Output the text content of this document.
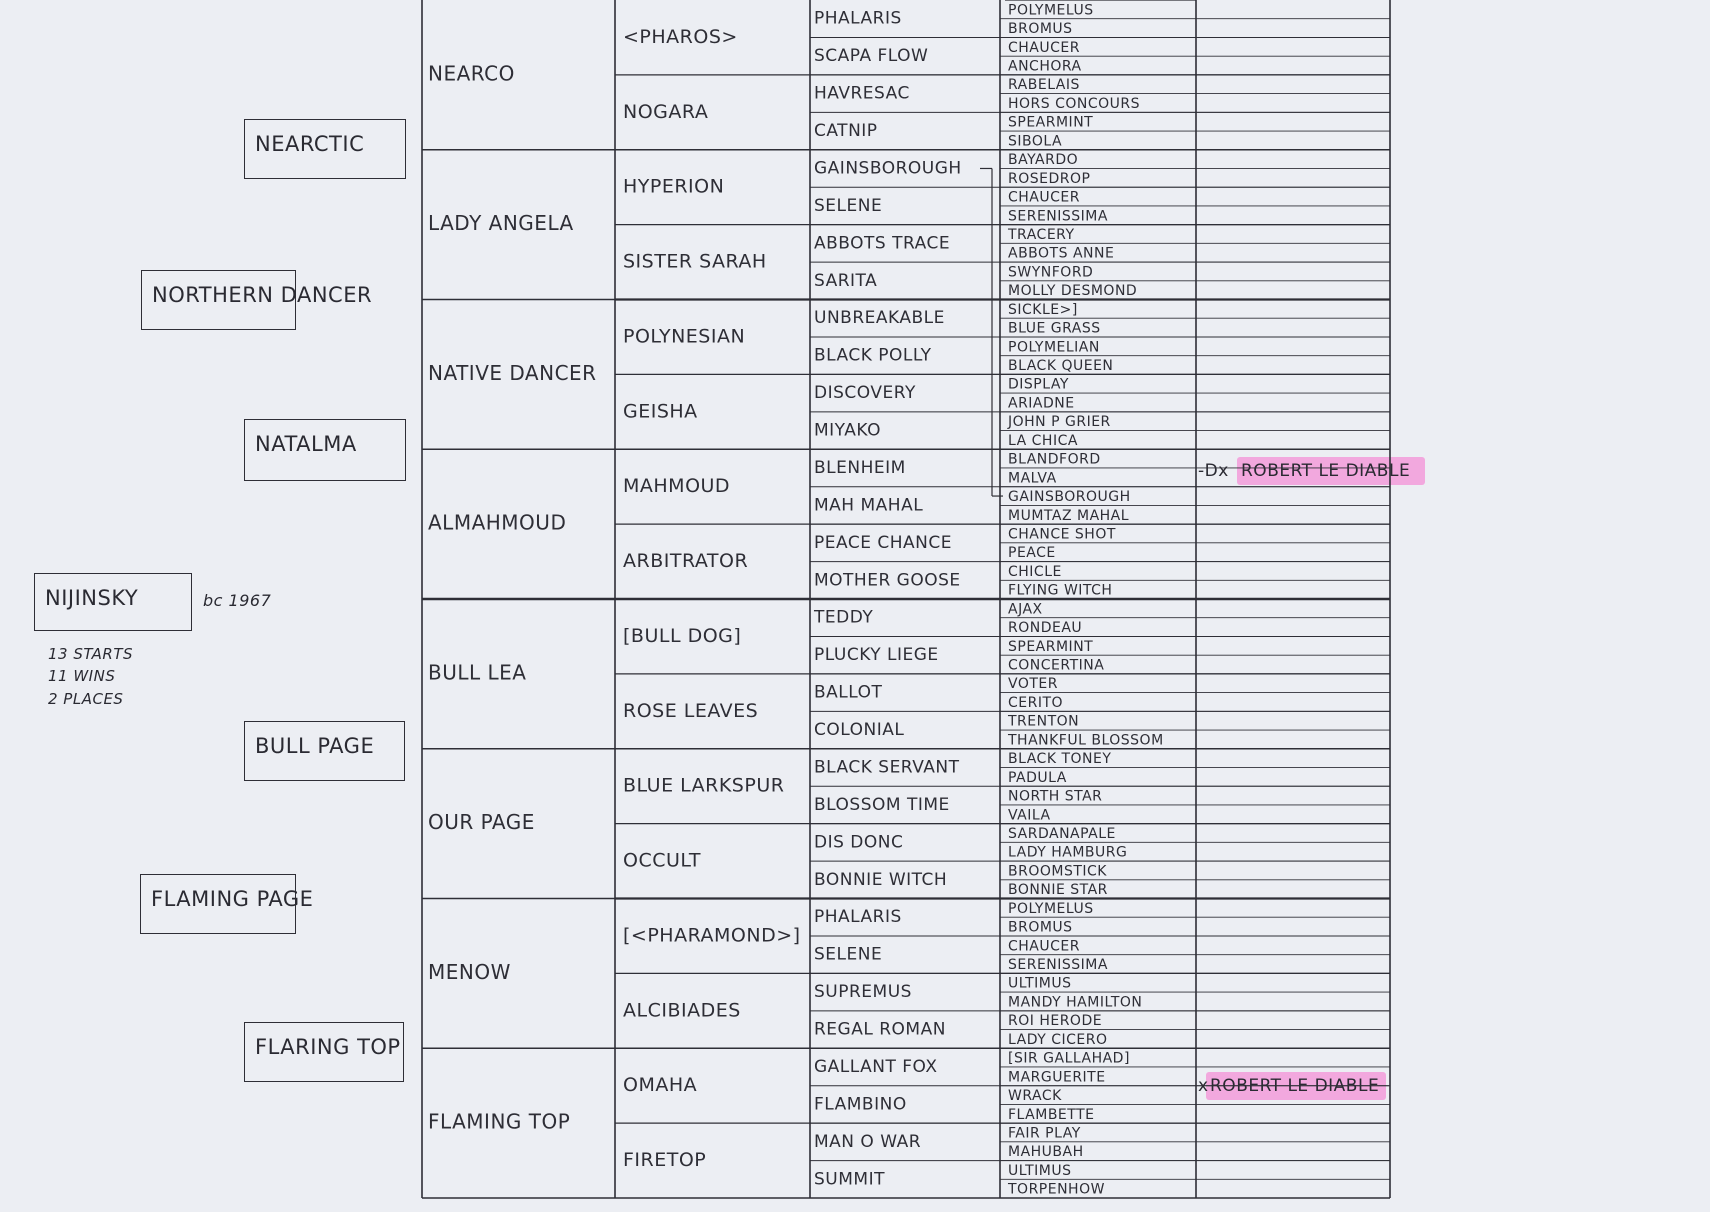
NIJINSKY	bc 1967
13 STARTS
11 WINS
2 PLACES
NORTHERN DANCER
FLAMING PAGE
NEARCTIC
NATALMA
BULL PAGE
FLARING TOP
-Dx ROBERT LE DIABLE
x ROBERT LE DIABLE
NEARCO
LADY ANGELA
NATIVE DANCER
ALMAHMOUD
BULL LEA
OUR PAGE
MENOW
FLAMING TOP
<PHAROS>
NOGARA
HYPERION
SISTER SARAH
POLYNESIAN
GEISHA
MAHMOUD
ARBITRATOR
[BULL DOG]
ROSE LEAVES
BLUE LARKSPUR
OCCULT
[<PHARAMOND>]
ALCIBIADES
OMAHA
FIRETOP
PHALARIS
SCAPA FLOW
HAVRESAC
CATNIP
GAINSBOROUGH
SELENE
ABBOTS TRACE
SARITA
UNBREAKABLE
BLACK POLLY
DISCOVERY
MIYAKO
BLENHEIM
MAH MAHAL
PEACE CHANCE
MOTHER GOOSE
TEDDY
PLUCKY LIEGE
BALLOT
COLONIAL
BLACK SERVANT
BLOSSOM TIME
DIS DONC
BONNIE WITCH
PHALARIS
SELENE
SUPREMUS
REGAL ROMAN
GALLANT FOX
FLAMBINO
MAN O WAR
SUMMIT
POLYMELUS
BROMUS
CHAUCER
ANCHORA
RABELAIS
HORS CONCOURS
SPEARMINT
SIBOLA
BAYARDO
ROSEDROP
CHAUCER
SERENISSIMA
TRACERY
ABBOTS ANNE
SWYNFORD
MOLLY DESMOND
SICKLE>]
BLUE GRASS
POLYMELIAN
BLACK QUEEN
DISPLAY
ARIADNE
JOHN P GRIER
LA CHICA
BLANDFORD
MALVA
GAINSBOROUGH
MUMTAZ MAHAL
CHANCE SHOT
PEACE
CHICLE
FLYING WITCH
AJAX
RONDEAU
SPEARMINT
CONCERTINA
VOTER
CERITO
TRENTON
THANKFUL BLOSSOM
BLACK TONEY
PADULA
NORTH STAR
VAILA
SARDANAPALE
LADY HAMBURG
BROOMSTICK
BONNIE STAR
POLYMELUS
BROMUS
CHAUCER
SERENISSIMA
ULTIMUS
MANDY HAMILTON
ROI HERODE
LADY CICERO
[SIR GALLAHAD]
MARGUERITE
WRACK
FLAMBETTE
FAIR PLAY
MAHUBAH
ULTIMUS
TORPENHOW
